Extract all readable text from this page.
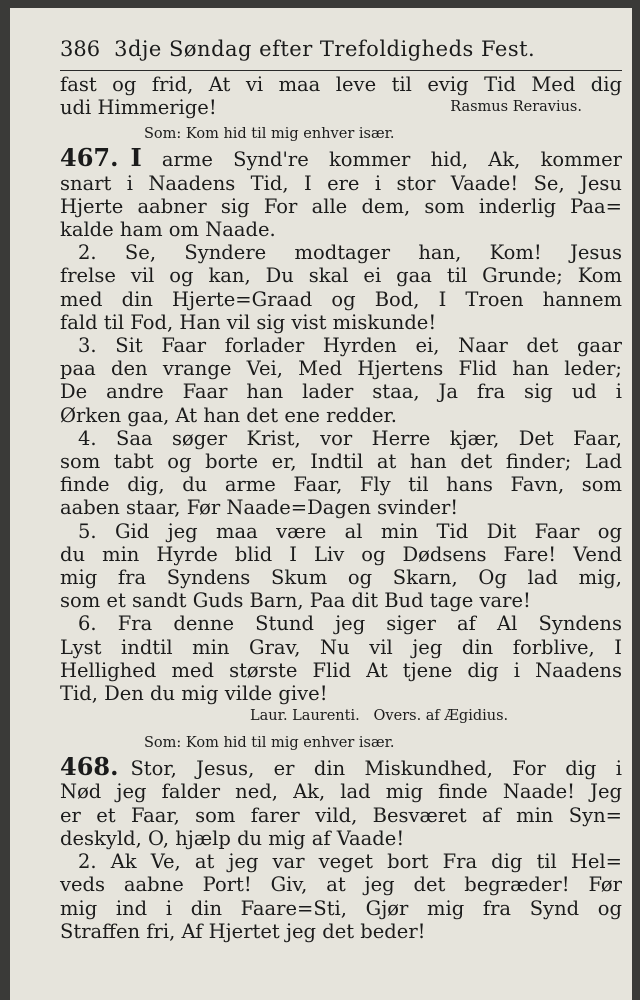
386 3dje Søndag efter Trefoldigheds Fest.
fast og frid, At vi maa leve til evig Tid Med dig
udi Himmerige!	Rasmus Reravius.
Som: Kom hid til mig enhver især.
467. I arme Synd're kommer hid, Ak, kommer
snart i Naadens Tid, I ere i stor Vaade! Se, Jesu
Hjerte aabner sig For alle dem, som inderlig Paa=
kalde ham om Naade.
2. Se, Syndere modtager han, Kom! Jesus
frelse vil og kan, Du skal ei gaa til Grunde; Kom
med din Hjerte=Graad og Bod, I Troen hannem
fald til Fod, Han vil sig vist miskunde!
3. Sit Faar forlader Hyrden ei, Naar det gaar
paa den vrange Vei, Med Hjertens Flid han leder;
De andre Faar han lader staa, Ja fra sig ud i
Ørken gaa, At han det ene redder.
4. Saa søger Krist, vor Herre kjær, Det Faar,
som tabt og borte er, Indtil at han det finder; Lad
finde dig, du arme Faar, Fly til hans Favn, som
aaben staar, Før Naade=Dagen svinder!
5. Gid jeg maa være al min Tid Dit Faar og
du min Hyrde blid I Liv og Dødsens Fare! Vend
mig fra Syndens Skum og Skarn, Og lad mig,
som et sandt Guds Barn, Paa dit Bud tage vare!
6. Fra denne Stund jeg siger af Al Syndens
Lyst indtil min Grav, Nu vil jeg din forblive, I
Hellighed med største Flid At tjene dig i Naadens
Tid, Den du mig vilde give!
Laur. Laurenti.   Overs. af Ægidius.
Som: Kom hid til mig enhver især.
468. Stor, Jesus, er din Miskundhed, For dig i
Nød jeg falder ned, Ak, lad mig finde Naade! Jeg
er et Faar, som farer vild, Besværet af min Syn=
deskyld, O, hjælp du mig af Vaade!
2. Ak Ve, at jeg var veget bort Fra dig til Hel=
veds aabne Port! Giv, at jeg det begræder! Før
mig ind i din Faare=Sti, Gjør mig fra Synd og
Straffen fri, Af Hjertet jeg det beder!
